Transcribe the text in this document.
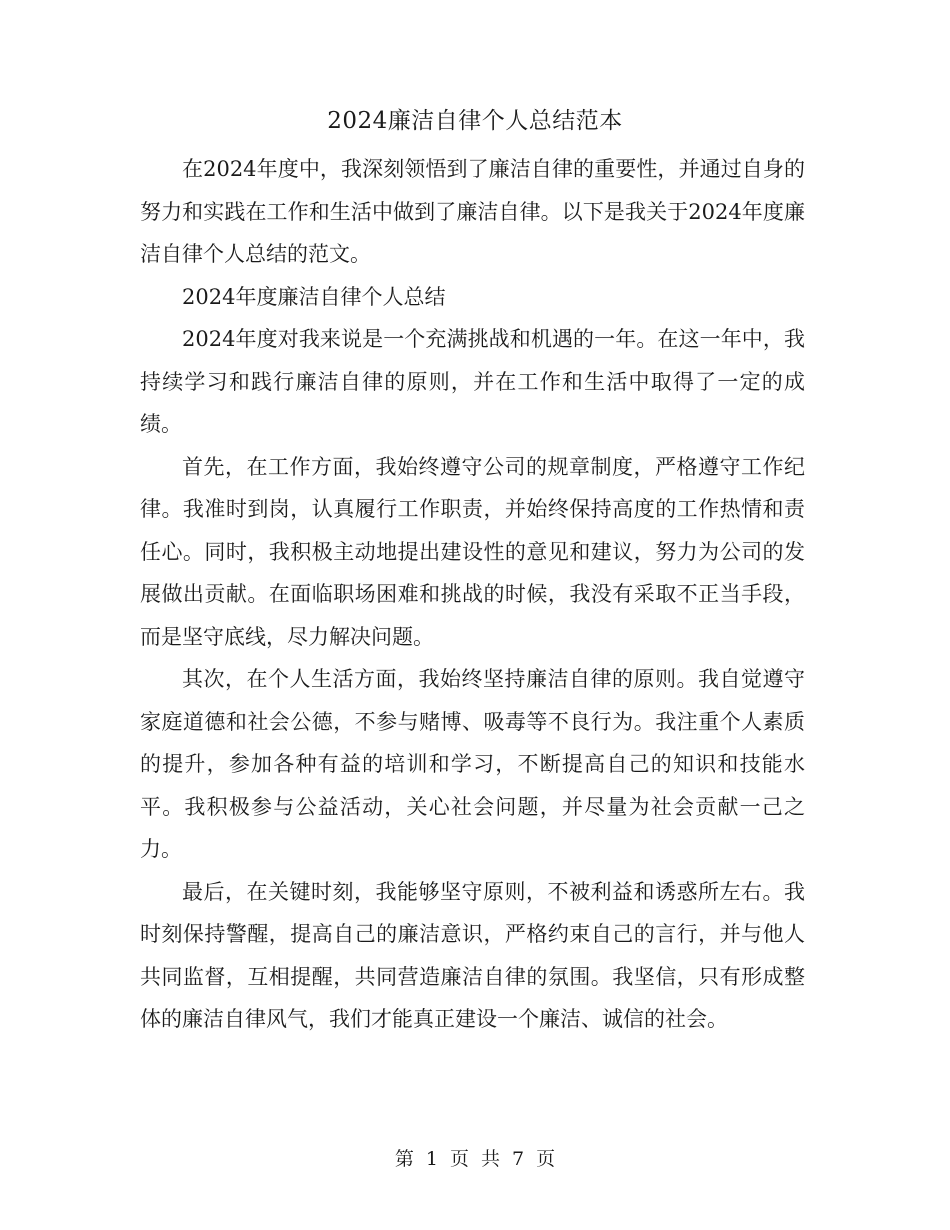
2024廉洁自律个人总结范本

在2024年度中，我深刻领悟到了廉洁自律的重要性，并通过自身的努力和实践在工作和生活中做到了廉洁自律。以下是我关于2024年度廉洁自律个人总结的范文。

2024年度廉洁自律个人总结

2024年度对我来说是一个充满挑战和机遇的一年。在这一年中，我持续学习和践行廉洁自律的原则，并在工作和生活中取得了一定的成绩。

首先，在工作方面，我始终遵守公司的规章制度，严格遵守工作纪律。我准时到岗，认真履行工作职责，并始终保持高度的工作热情和责任心。同时，我积极主动地提出建设性的意见和建议，努力为公司的发展做出贡献。在面临职场困难和挑战的时候，我没有采取不正当手段，而是坚守底线，尽力解决问题。

其次，在个人生活方面，我始终坚持廉洁自律的原则。我自觉遵守家庭道德和社会公德，不参与赌博、吸毒等不良行为。我注重个人素质的提升，参加各种有益的培训和学习，不断提高自己的知识和技能水平。我积极参与公益活动，关心社会问题，并尽量为社会贡献一己之力。

最后，在关键时刻，我能够坚守原则，不被利益和诱惑所左右。我时刻保持警醒，提高自己的廉洁意识，严格约束自己的言行，并与他人共同监督，互相提醒，共同营造廉洁自律的氛围。我坚信，只有形成整体的廉洁自律风气，我们才能真正建设一个廉洁、诚信的社会。

第 1 页 共 7 页
